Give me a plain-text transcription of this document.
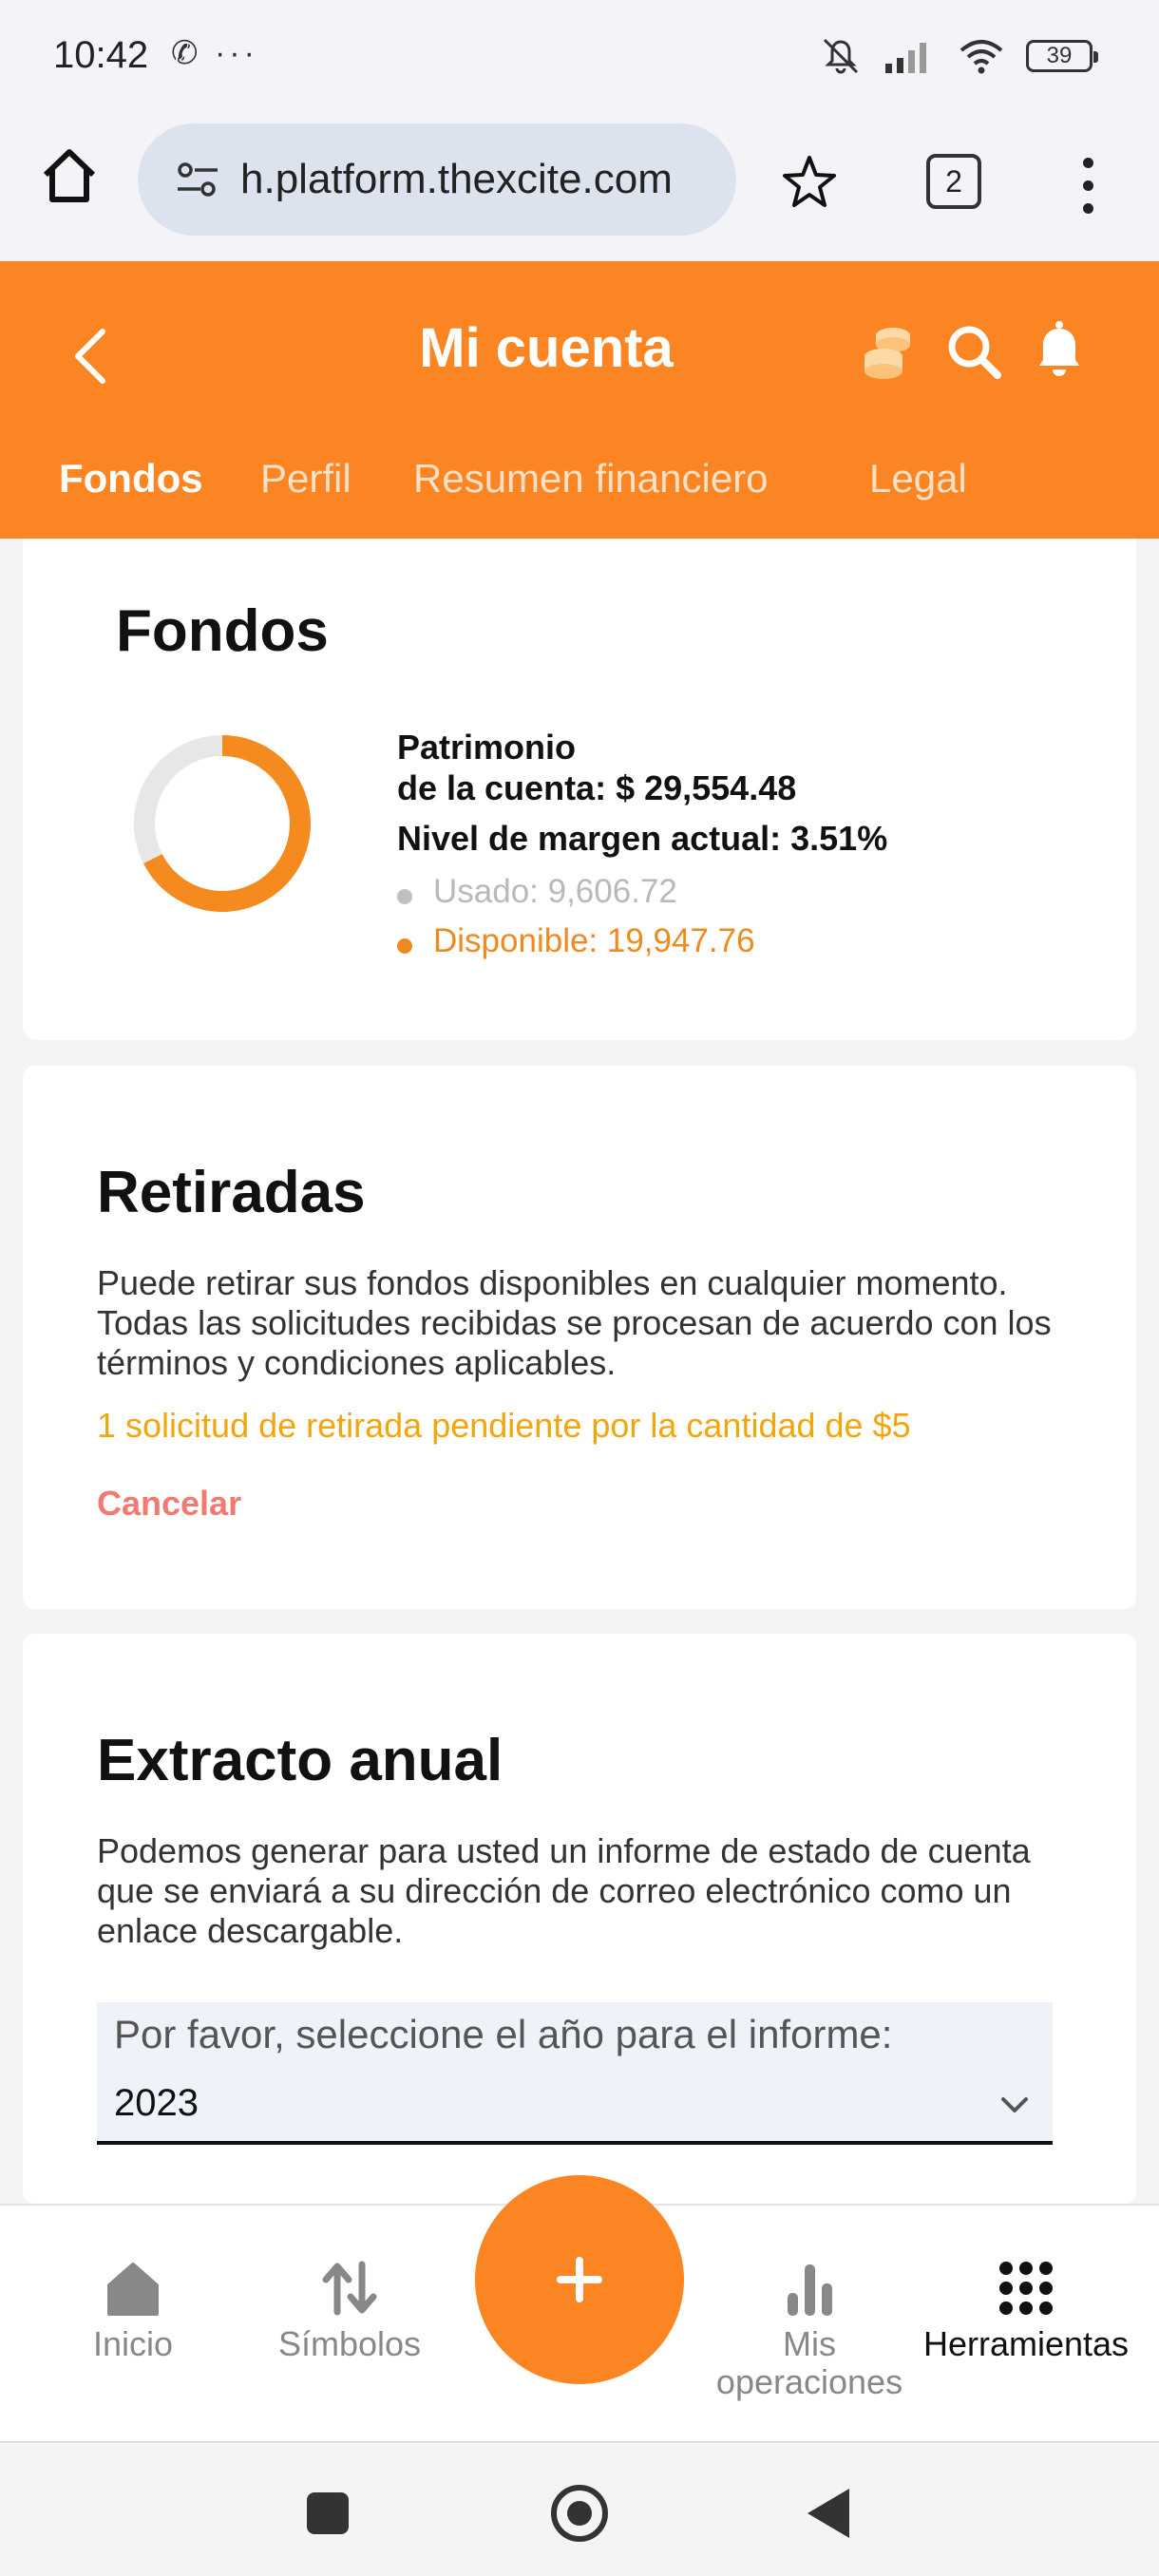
10:42 ✆ ···	39
h.platform.thexcite.com	2
Mi cuenta
Fondos Perfil Resumen financiero	Legal
Fondos
Patrimonio
de la cuenta: $ 29,554.48
Nivel de margen actual: 3.51%
Usado: 9,606.72
Disponible: 19,947.76
Retiradas
Puede retirar sus fondos disponibles en cualquier momento. Todas las solicitudes recibidas se procesan de acuerdo con los términos y condiciones aplicables.
1 solicitud de retirada pendiente por la cantidad de $5
Cancelar
Extracto anual
Podemos generar para usted un informe de estado de cuenta que se enviará a su dirección de correo electrónico como un enlace descargable.
Por favor, seleccione el año para el informe:
2023
Inicio	Símbolos	Mis
operaciones
Herramientas
